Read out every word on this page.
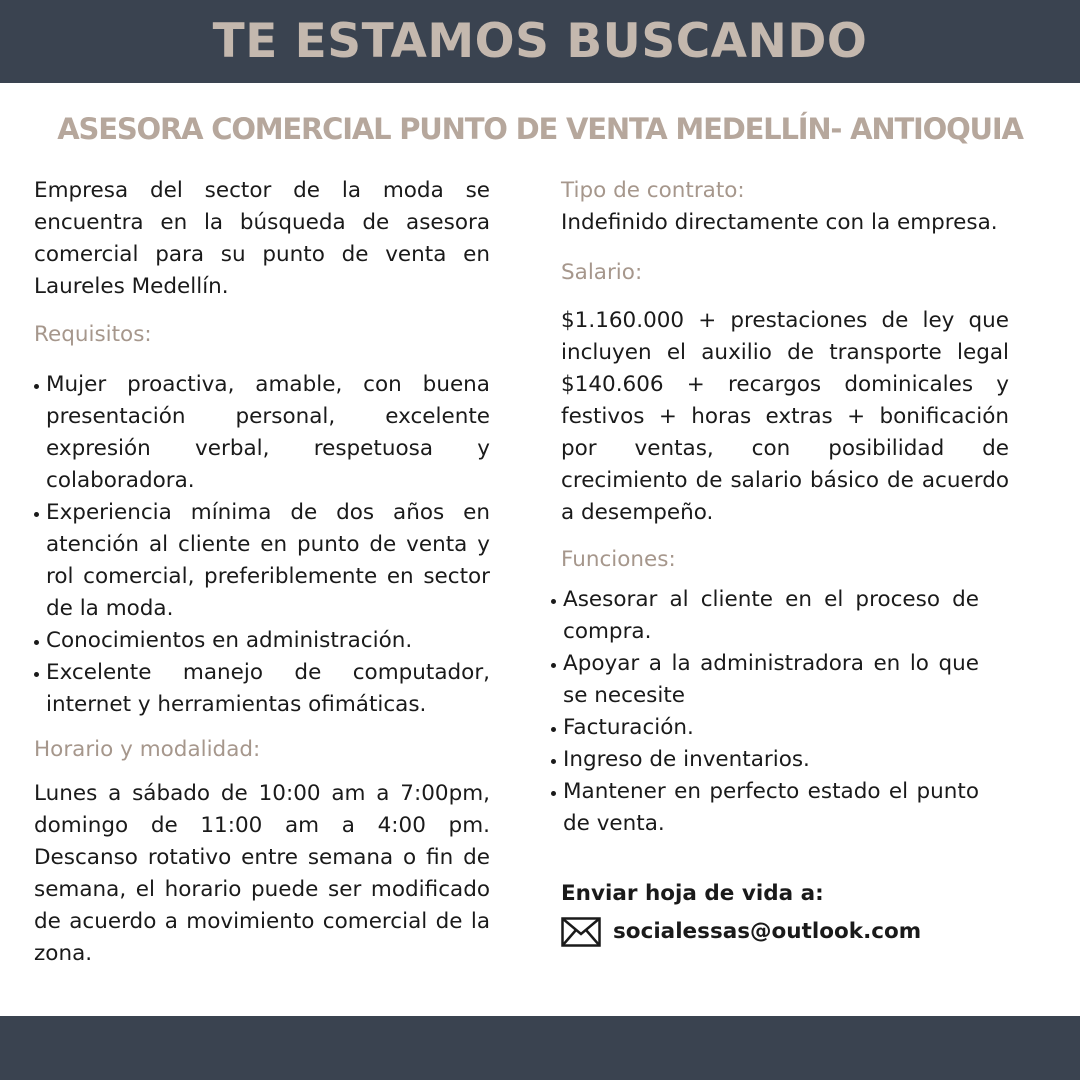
TE ESTAMOS BUSCANDO
ASESORA COMERCIAL PUNTO DE VENTA MEDELLÍN- ANTIOQUIA

Empresa del sector de la moda se encuentra en la búsqueda de asesora comercial para su punto de venta en Laureles Medellín.

Requisitos:

Mujer proactiva, amable, con buena presentación personal, excelente expresión verbal, respetuosa y colaboradora.
Experiencia mínima de dos años en atención al cliente en punto de venta y rol comercial, preferiblemente en sector de la moda.
Conocimientos en administración.
Excelente manejo de computador, internet y herramientas ofimáticas.

Horario y modalidad:

Lunes a sábado de 10:00 am a 7:00pm, domingo de 11:00 am a 4:00 pm. Descanso rotativo entre semana o fin de semana, el horario puede ser modificado de acuerdo a movimiento comercial de la zona.

Tipo de contrato:

Indefinido directamente con la empresa.

Salario:

$1.160.000 + prestaciones de ley que incluyen el auxilio de transporte legal $140.606 + recargos dominicales y festivos + horas extras + bonificación por ventas, con posibilidad de crecimiento de salario básico de acuerdo a desempeño.

Funciones:

Asesorar al cliente en el proceso de compra.
Apoyar a la administradora en lo que se necesite
Facturación.
Ingreso de inventarios.
Mantener en perfecto estado el punto de venta.

Enviar hoja de vida a:

socialessas@outlook.com
